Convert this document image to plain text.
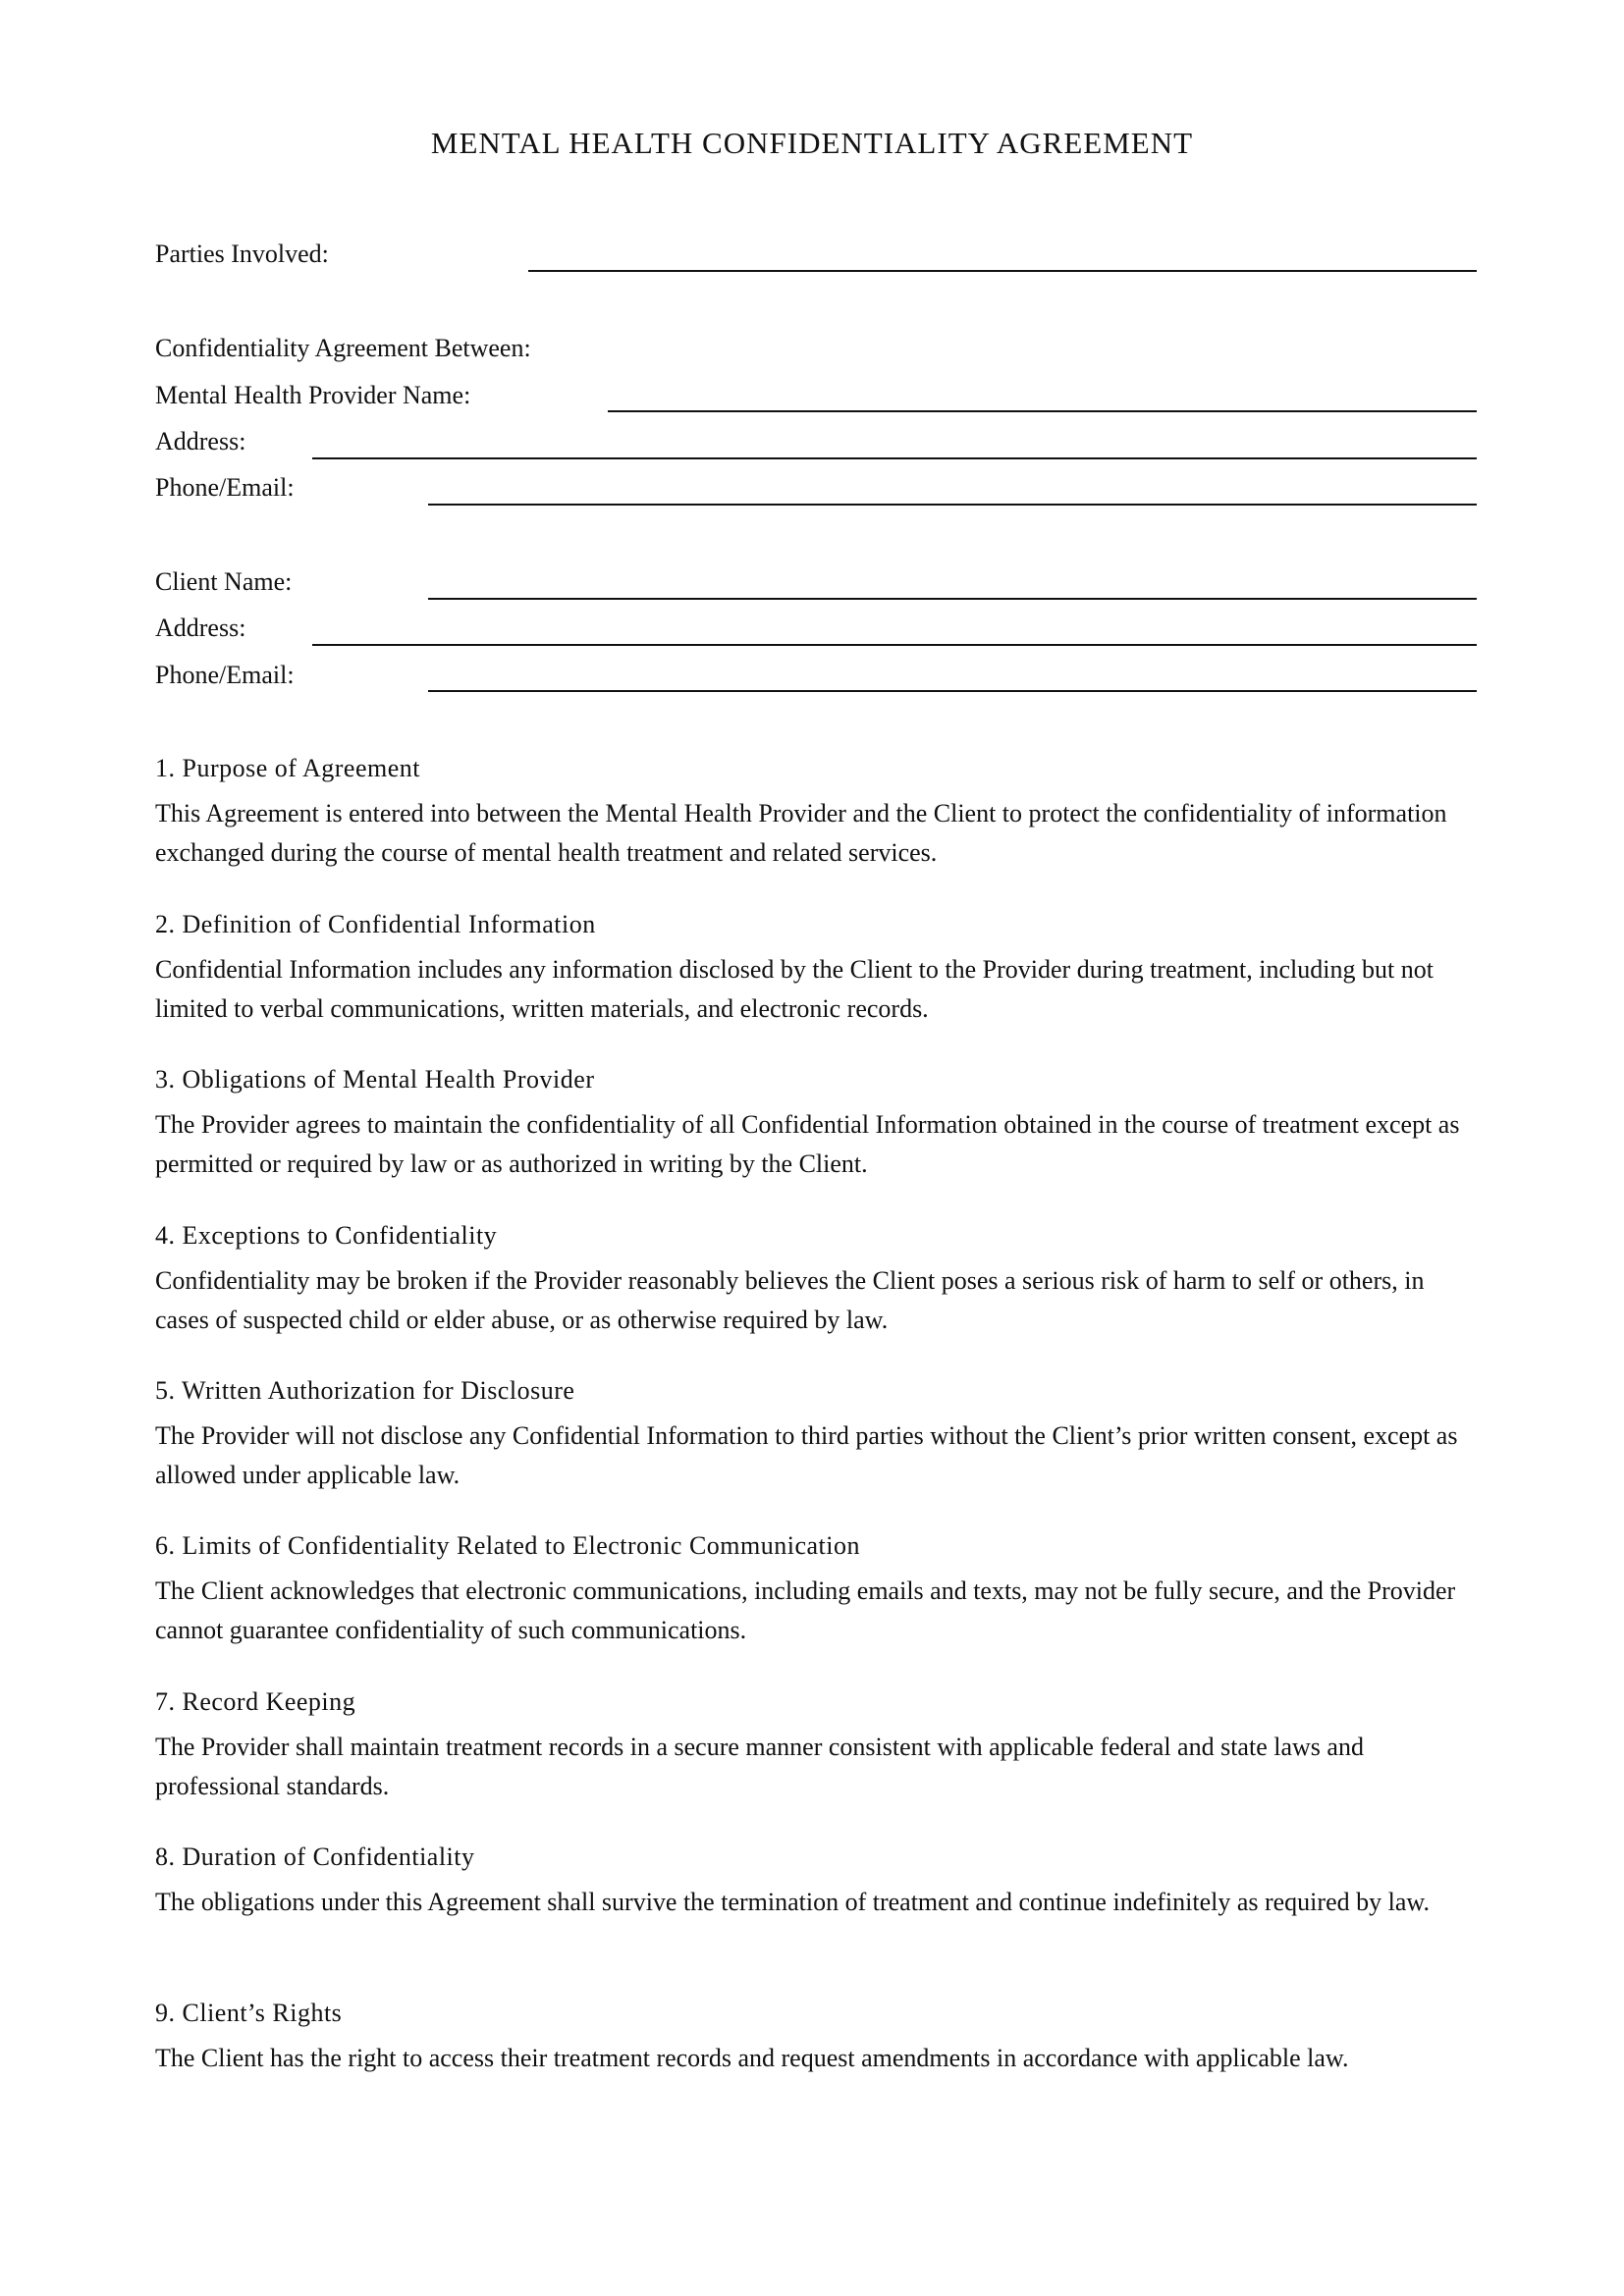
MENTAL HEALTH CONFIDENTIALITY AGREEMENT
Parties Involved:
Confidentiality Agreement Between:
Mental Health Provider Name:
Address:
Phone/Email:
Client Name:
Address:
Phone/Email:
1. Purpose of Agreement
This Agreement is entered into between the Mental Health Provider and the Client to protect the confidentiality of information exchanged during the course of mental health treatment and related services.
2. Definition of Confidential Information
Confidential Information includes any information disclosed by the Client to the Provider during treatment, including but not limited to verbal communications, written materials, and electronic records.
3. Obligations of Mental Health Provider
The Provider agrees to maintain the confidentiality of all Confidential Information obtained in the course of treatment except as permitted or required by law or as authorized in writing by the Client.
4. Exceptions to Confidentiality
Confidentiality may be broken if the Provider reasonably believes the Client poses a serious risk of harm to self or others, in cases of suspected child or elder abuse, or as otherwise required by law.
5. Written Authorization for Disclosure
The Provider will not disclose any Confidential Information to third parties without the Client’s prior written consent, except as allowed under applicable law.
6. Limits of Confidentiality Related to Electronic Communication
The Client acknowledges that electronic communications, including emails and texts, may not be fully secure, and the Provider cannot guarantee confidentiality of such communications.
7. Record Keeping
The Provider shall maintain treatment records in a secure manner consistent with applicable federal and state laws and professional standards.
8. Duration of Confidentiality
The obligations under this Agreement shall survive the termination of treatment and continue indefinitely as required by law.
9. Client’s Rights
The Client has the right to access their treatment records and request amendments in accordance with applicable law.
